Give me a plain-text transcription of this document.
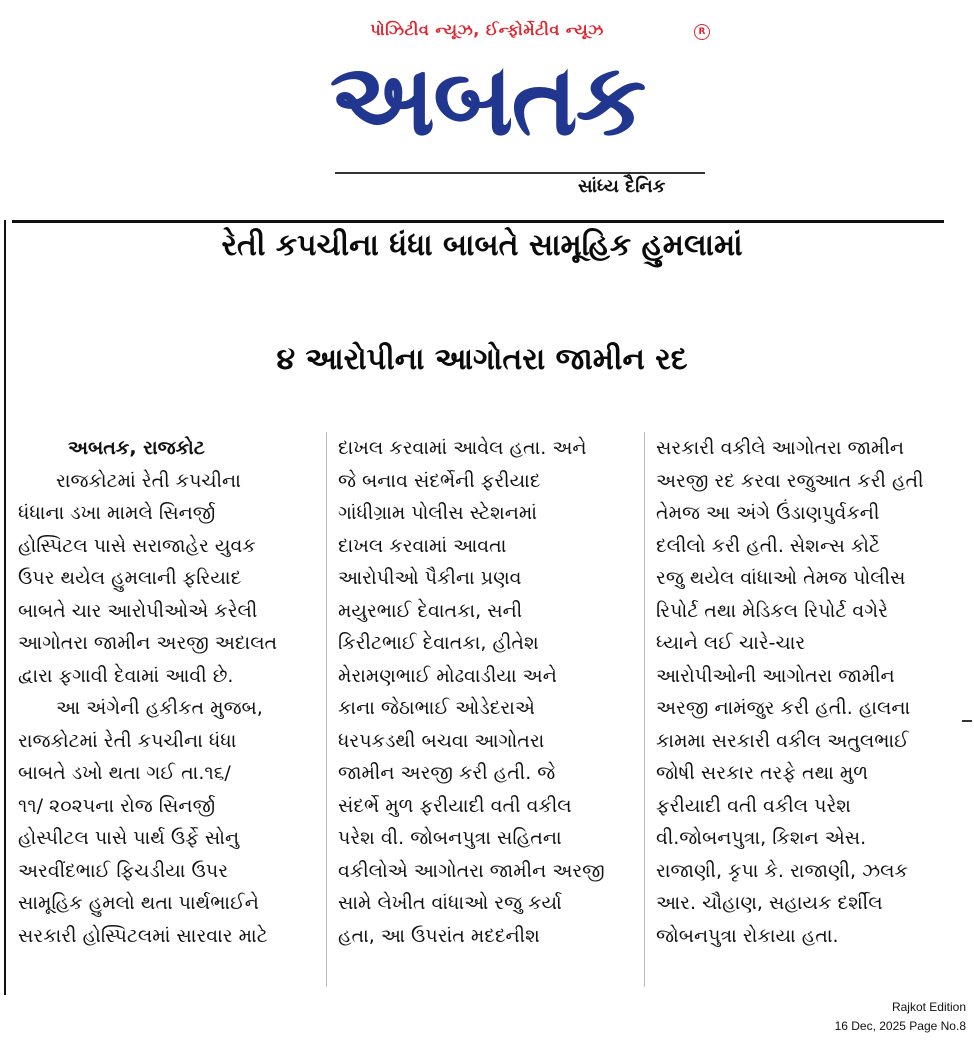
પોઝિટીવ ન્યૂઝ, ઈન્ફોર્મેટીવ ન્યૂઝ
અબતક
R
સાંધ્ય દૈનિક
રેતી કપચીના ધંધા બાબતે સામૂહિક હુમલામાં
૪ આરોપીના આગોતરા જામીન રદ
અબતક, રાજકોટ
રાજકોટમાં રેતી કપચીના
ધંધાના ડખા મામલે સિનર્જી
હોસ્પિટલ પાસે સરાજાહેર યુવક
ઉપર થયેલ હુમલાની ફરિયાદ
બાબતે ચાર આરોપીઓએ કરેલી
આગોતરા જામીન અરજી અદાલત
દ્વારા ફગાવી દેવામાં આવી છે.
આ અંગેની હકીકત મુજબ,
રાજકોટમાં રેતી કપચીના ધંધા
બાબતે ડખો થતા ગઈ તા.૧૬/
૧૧/ ૨૦૨૫ના રોજ સિનર્જી
હોસ્પીટલ પાસે પાર્થ ઉર્ફે સોનુ
અરવીંદભાઈ ફિચડીયા ઉપર
સામૂહિક હુમલો થતા પાર્થભાઈને
સરકારી હોસ્પિટલમાં સારવાર માટે
દાખલ કરવામાં આવેલ હતા. અને
જે બનાવ સંદર્ભેની ફરીયાદ
ગાંધીગ્રામ પોલીસ સ્ટેશનમાં
દાખલ કરવામાં આવતા
આરોપીઓ પૈકીના પ્રણવ
મયુરભાઈ દેવાતકા, સની
કિરીટભાઈ દેવાતકા, હીતેશ
મેરામણભાઈ મોઢવાડીયા અને
કાના જેઠાભાઈ ઓડેદરાએ
ધરપકડથી બચવા આગોતરા
જામીન અરજી કરી હતી. જે
સંદર્ભે મુળ ફરીયાદી વતી વકીલ
પરેશ વી. જોબનપુત્રા સહિતના
વકીલોએ આગોતરા જામીન અરજી
સામે લેખીત વાંધાઓ રજુ કર્યા
હતા, આ ઉપરાંત મદદનીશ
સરકારી વકીલે આગોતરા જામીન
અરજી રદ કરવા રજુઆત કરી હતી
તેમજ આ અંગે ઉંડાણપુર્વકની
દલીલો કરી હતી. સેશન્સ કોર્ટે
રજુ થયેલ વાંધાઓ તેમજ પોલીસ
રિપોર્ટ તથા મેડિકલ રિપોર્ટ વગેરે
ધ્યાને લઈ ચારે-ચાર
આરોપીઓની આગોતરા જામીન
અરજી નામંજુર કરી હતી. હાલના
કામમા સરકારી વકીલ અતુલભાઈ
જોષી સરકાર તરફે તથા મુળ
ફરીયાદી વતી વકીલ પરેશ
વી.જોબનપુત્રા, કિશન એસ.
રાજાણી, કૃપા કે. રાજાણી, ઝલક
આર. ચૌહાણ, સહાયક દર્શીલ
જોબનપુત્રા રોકાયા હતા.
Rajkot Edition
16 Dec, 2025 Page No.8
